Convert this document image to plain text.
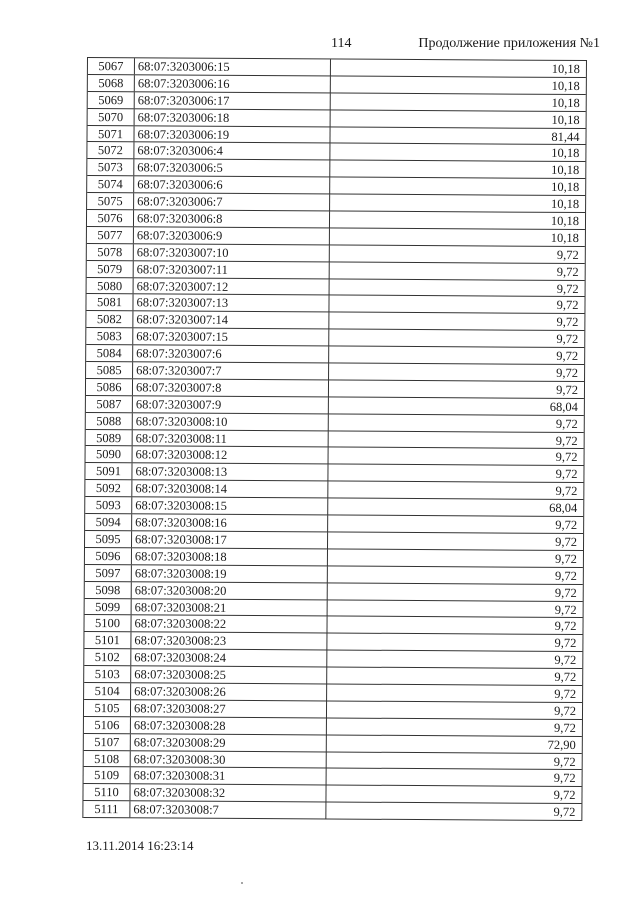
114	Продолжение приложения №1
5067	68:07:3203006:15	10,18
5068	68:07:3203006:16	10,18
5069	68:07:3203006:17	10,18
5070	68:07:3203006:18	10,18
5071	68:07:3203006:19	81,44
5072	68:07:3203006:4	10,18
5073	68:07:3203006:5	10,18
5074	68:07:3203006:6	10,18
5075	68:07:3203006:7	10,18
5076	68:07:3203006:8	10,18
5077	68:07:3203006:9	10,18
5078	68:07:3203007:10	9,72
5079	68:07:3203007:11	9,72
5080	68:07:3203007:12	9,72
5081	68:07:3203007:13	9,72
5082	68:07:3203007:14	9,72
5083	68:07:3203007:15	9,72
5084	68:07:3203007:6	9,72
5085	68:07:3203007:7	9,72
5086	68:07:3203007:8	9,72
5087	68:07:3203007:9	68,04
5088	68:07:3203008:10	9,72
5089	68:07:3203008:11	9,72
5090	68:07:3203008:12	9,72
5091	68:07:3203008:13	9,72
5092	68:07:3203008:14	9,72
5093	68:07:3203008:15	68,04
5094	68:07:3203008:16	9,72
5095	68:07:3203008:17	9,72
5096	68:07:3203008:18	9,72
5097	68:07:3203008:19	9,72
5098	68:07:3203008:20	9,72
5099	68:07:3203008:21	9,72
5100	68:07:3203008:22	9,72
5101	68:07:3203008:23	9,72
5102	68:07:3203008:24	9,72
5103	68:07:3203008:25	9,72
5104	68:07:3203008:26	9,72
5105	68:07:3203008:27	9,72
5106	68:07:3203008:28	9,72
5107	68:07:3203008:29	72,90
5108	68:07:3203008:30	9,72
5109	68:07:3203008:31	9,72
5110	68:07:3203008:32	9,72
5111	68:07:3203008:7	9,72
13.11.2014 16:23:14
